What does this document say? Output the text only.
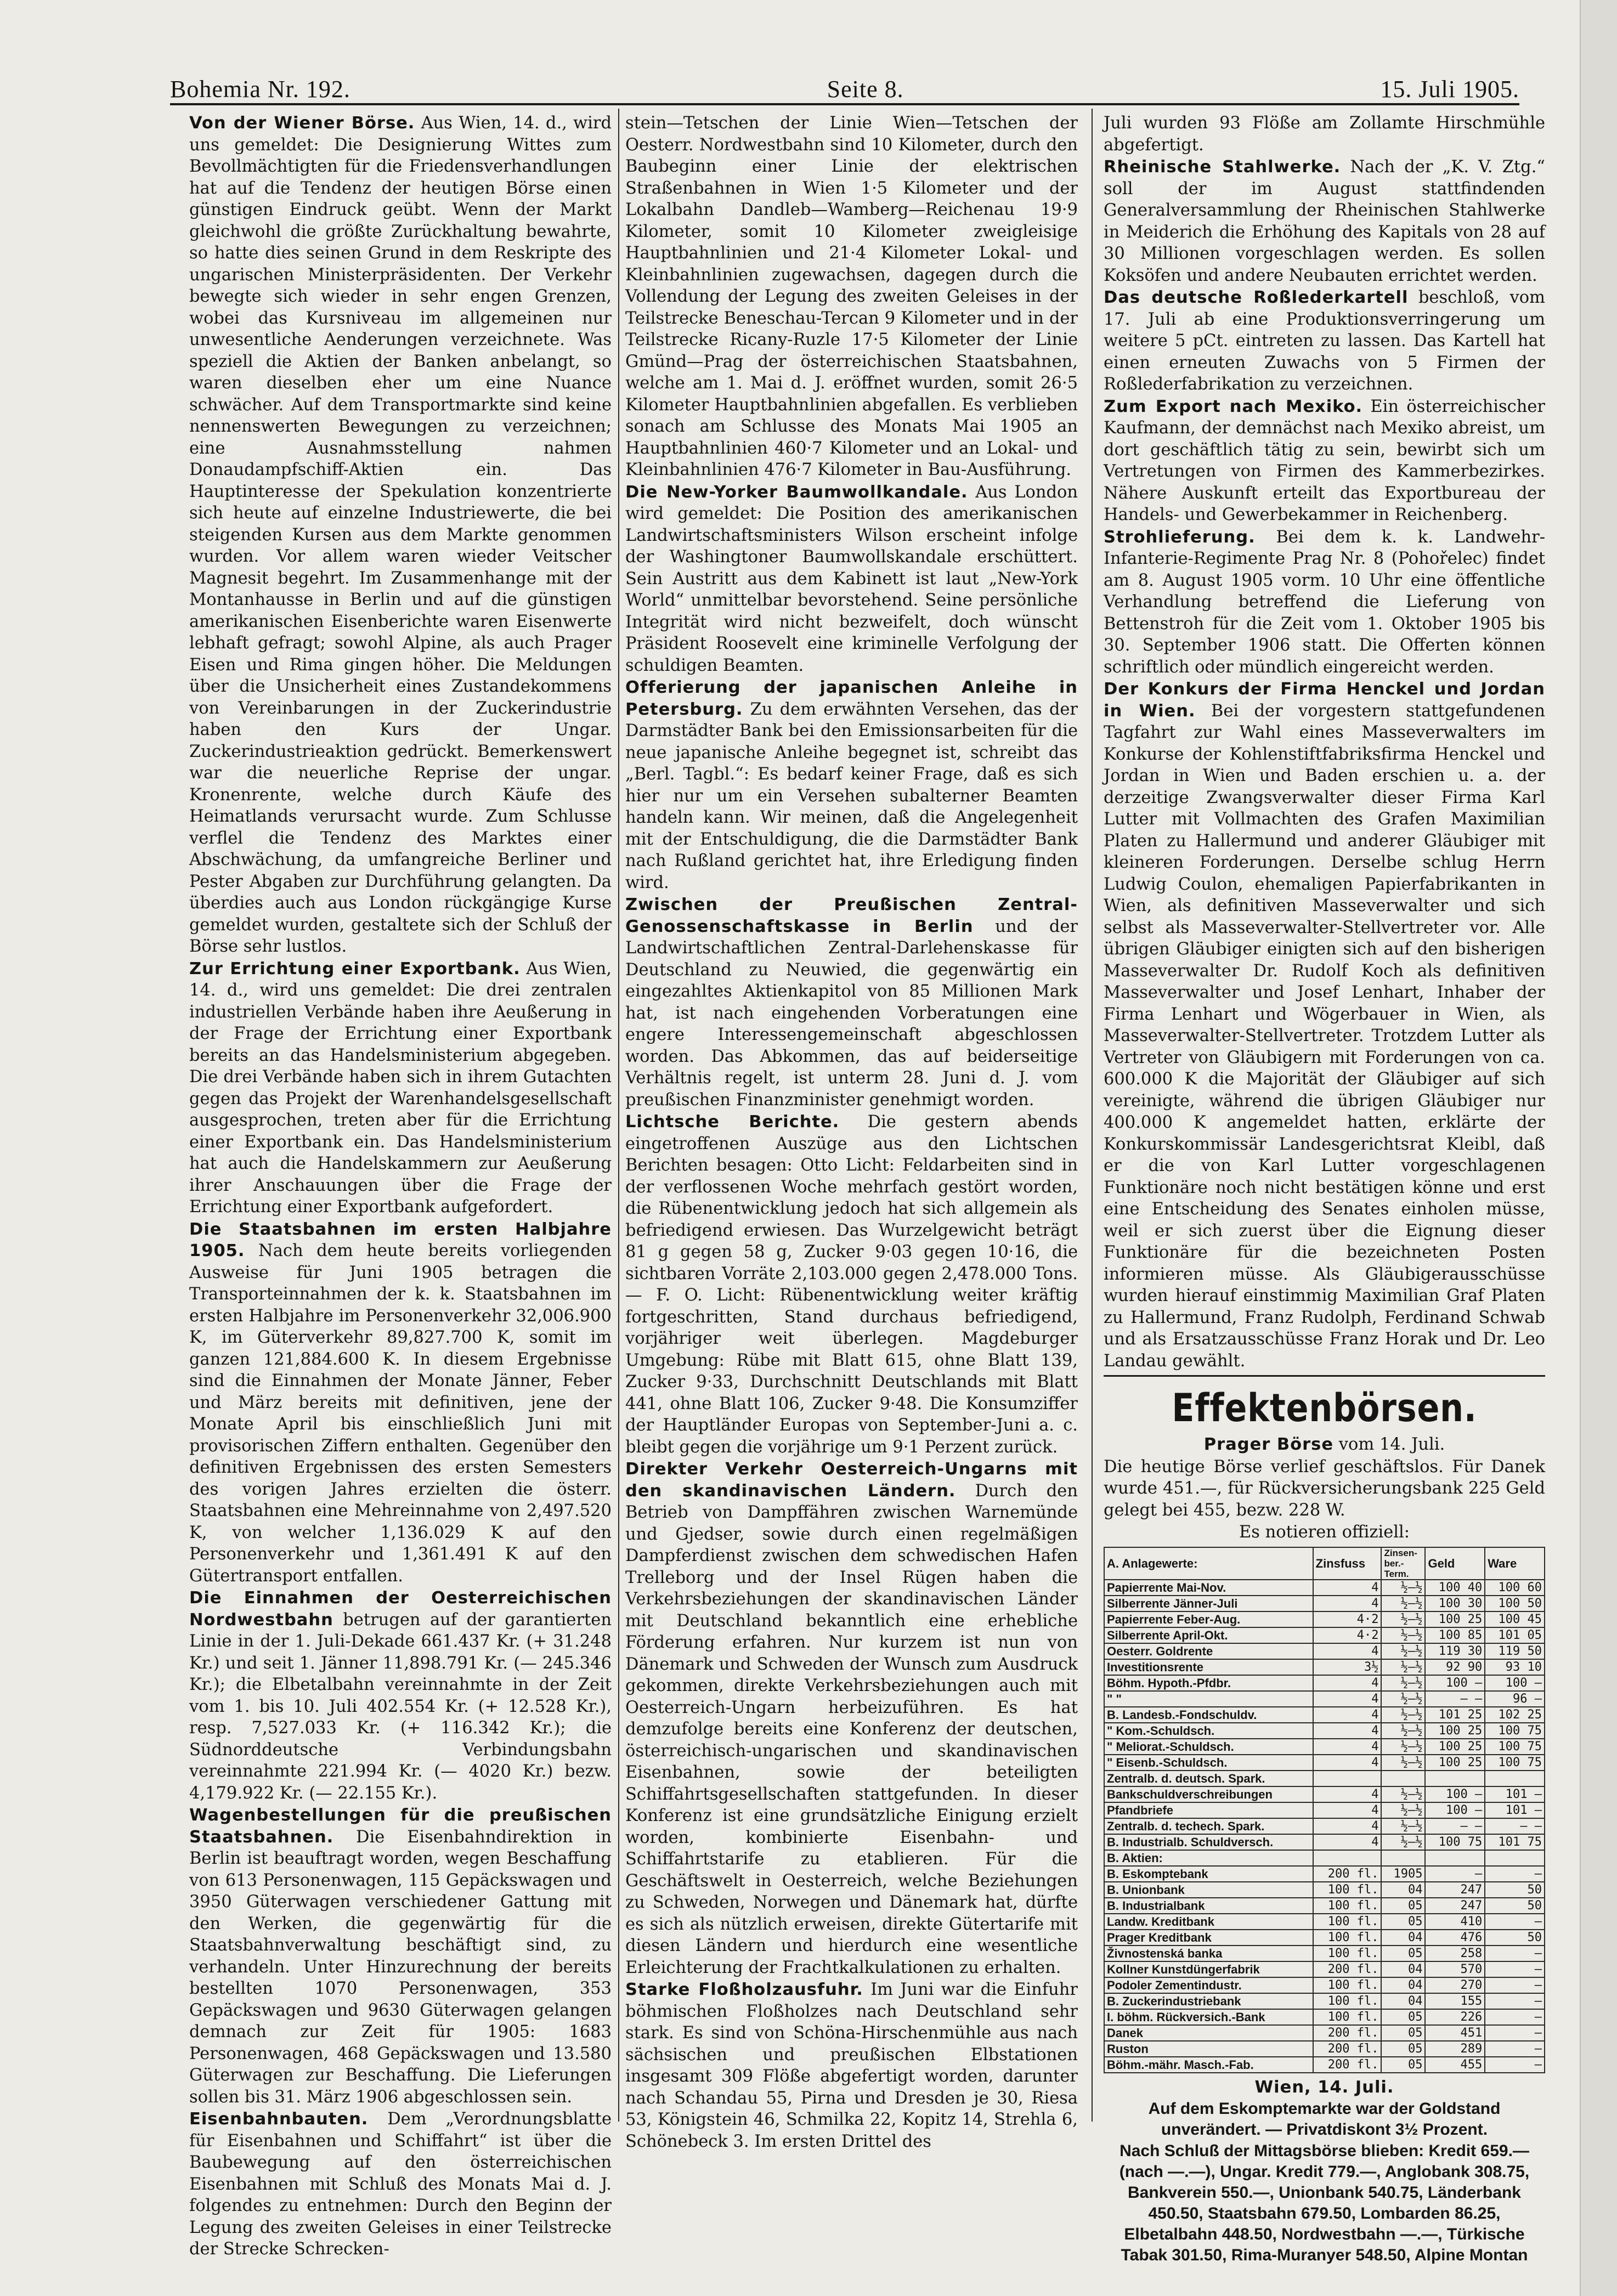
Bohemia Nr. 192.	Seite 8.	15. Juli 1905.

Von der Wiener Börse. Aus Wien, 14. d., wird uns gemeldet: Die Designierung Wittes zum Bevollmächtigten für die Friedensverhandlungen hat auf die Tendenz der heutigen Börse einen günstigen Eindruck geübt. Wenn der Markt gleichwohl die größte Zurückhaltung bewahrte, so hatte dies seinen Grund in dem Reskripte des ungarischen Ministerpräsidenten. Der Verkehr bewegte sich wieder in sehr engen Grenzen, wobei das Kursniveau im allgemeinen nur unwesentliche Aenderungen verzeichnete. Was speziell die Aktien der Banken anbelangt, so waren dieselben eher um eine Nuance schwächer. Auf dem Transportmarkte sind keine nennenswerten Bewegungen zu verzeichnen; eine Ausnahmsstellung nahmen Donaudampfschiff-Aktien ein. Das Hauptinteresse der Spekulation konzentrierte sich heute auf einzelne Industriewerte, die bei steigenden Kursen aus dem Markte genommen wurden. Vor allem waren wieder Veitscher Magnesit begehrt. Im Zusammenhange mit der Montanhausse in Berlin und auf die günstigen amerikanischen Eisenberichte waren Eisenwerte lebhaft gefragt; sowohl Alpine, als auch Prager Eisen und Rima gingen höher. Die Meldungen über die Unsicherheit eines Zustandekommens von Vereinbarungen in der Zuckerindustrie haben den Kurs der Ungar. Zuckerindustrieaktion gedrückt. Bemerkenswert war die neuerliche Reprise der ungar. Kronenrente, welche durch Käufe des Heimatlands verursacht wurde. Zum Schlusse verflel die Tendenz des Marktes einer Abschwächung, da umfangreiche Berliner und Pester Abgaben zur Durchführung gelangten. Da überdies auch aus London rückgängige Kurse gemeldet wurden, gestaltete sich der Schluß der Börse sehr lustlos.

Zur Errichtung einer Exportbank. Aus Wien, 14. d., wird uns gemeldet: Die drei zentralen industriellen Verbände haben ihre Aeußerung in der Frage der Errichtung einer Exportbank bereits an das Handelsministerium abgegeben. Die drei Verbände haben sich in ihrem Gutachten gegen das Projekt der Warenhandelsgesellschaft ausgesprochen, treten aber für die Errichtung einer Exportbank ein. Das Handelsministerium hat auch die Handelskammern zur Aeußerung ihrer Anschauungen über die Frage der Errichtung einer Exportbank aufgefordert.

Die Staatsbahnen im ersten Halbjahre 1905. Nach dem heute bereits vorliegenden Ausweise für Juni 1905 betragen die Transporteinnahmen der k. k. Staatsbahnen im ersten Halbjahre im Personenverkehr 32,006.900 K, im Güterverkehr 89,827.700 K, somit im ganzen 121,884.600 K. In diesem Ergebnisse sind die Einnahmen der Monate Jänner, Feber und März bereits mit definitiven, jene der Monate April bis einschließlich Juni mit provisorischen Ziffern enthalten. Gegenüber den definitiven Ergebnissen des ersten Semesters des vorigen Jahres erzielten die österr. Staatsbahnen eine Mehreinnahme von 2,497.520 K, von welcher 1,136.029 K auf den Personenverkehr und 1,361.491 K auf den Gütertransport entfallen.

Die Einnahmen der Oesterreichischen Nordwestbahn betrugen auf der garantierten Linie in der 1. Juli-Dekade 661.437 Kr. (+ 31.248 Kr.) und seit 1. Jänner 11,898.791 Kr. (— 245.346 Kr.); die Elbetalbahn vereinnahmte in der Zeit vom 1. bis 10. Juli 402.554 Kr. (+ 12.528 Kr.), resp. 7,527.033 Kr. (+ 116.342 Kr.); die Südnorddeutsche Verbindungsbahn vereinnahmte 221.994 Kr. (— 4020 Kr.) bezw. 4,179.922 Kr. (— 22.155 Kr.).

Wagenbestellungen für die preußischen Staatsbahnen. Die Eisenbahndirektion in Berlin ist beauftragt worden, wegen Beschaffung von 613 Personenwagen, 115 Gepäckswagen und 3950 Güterwagen verschiedener Gattung mit den Werken, die gegenwärtig für die Staatsbahnverwaltung beschäftigt sind, zu verhandeln. Unter Hinzurechnung der bereits bestellten 1070 Personenwagen, 353 Gepäckswagen und 9630 Güterwagen gelangen demnach zur Zeit für 1905: 1683 Personenwagen, 468 Gepäckswagen und 13.580 Güterwagen zur Beschaffung. Die Lieferungen sollen bis 31. März 1906 abgeschlossen sein.

Eisenbahnbauten. Dem „Verordnungsblatte für Eisenbahnen und Schiffahrt“ ist über die Baubewegung auf den österreichischen Eisenbahnen mit Schluß des Monats Mai d. J. folgendes zu entnehmen: Durch den Beginn der Legung des zweiten Geleises in einer Teilstrecke der Strecke Schrecken-

stein—Tetschen der Linie Wien—Tetschen der Oesterr. Nordwestbahn sind 10 Kilometer, durch den Baubeginn einer Linie der elektrischen Straßenbahnen in Wien 1·5 Kilometer und der Lokalbahn Dandleb—Wamberg—Reichenau 19·9 Kilometer, somit 10 Kilometer zweigleisige Hauptbahnlinien und 21·4 Kilometer Lokal- und Kleinbahnlinien zugewachsen, dagegen durch die Vollendung der Legung des zweiten Geleises in der Teilstrecke Beneschau-Tercan 9 Kilometer und in der Teilstrecke Ricany-Ruzle 17·5 Kilometer der Linie Gmünd—Prag der österreichischen Staatsbahnen, welche am 1. Mai d. J. eröffnet wurden, somit 26·5 Kilometer Hauptbahnlinien abgefallen. Es verblieben sonach am Schlusse des Monats Mai 1905 an Hauptbahnlinien 460·7 Kilometer und an Lokal- und Kleinbahnlinien 476·7 Kilometer in Bau-Ausführung.

Die New-Yorker Baumwollkandale. Aus London wird gemeldet: Die Position des amerikanischen Landwirtschaftsministers Wilson erscheint infolge der Washingtoner Baumwollskandale erschüttert. Sein Austritt aus dem Kabinett ist laut „New-York World“ unmittelbar bevorstehend. Seine persönliche Integrität wird nicht bezweifelt, doch wünscht Präsident Roosevelt eine kriminelle Verfolgung der schuldigen Beamten.

Offerierung der japanischen Anleihe in Petersburg. Zu dem erwähnten Versehen, das der Darmstädter Bank bei den Emissionsarbeiten für die neue japanische Anleihe begegnet ist, schreibt das „Berl. Tagbl.“: Es bedarf keiner Frage, daß es sich hier nur um ein Versehen subalterner Beamten handeln kann. Wir meinen, daß die Angelegenheit mit der Entschuldigung, die die Darmstädter Bank nach Rußland gerichtet hat, ihre Erledigung finden wird.

Zwischen der Preußischen Zentral-Genossenschaftskasse in Berlin und der Landwirtschaftlichen Zentral-Darlehenskasse für Deutschland zu Neuwied, die gegenwärtig ein eingezahltes Aktienkapitol von 85 Millionen Mark hat, ist nach eingehenden Vorberatungen eine engere Interessengemeinschaft abgeschlossen worden. Das Abkommen, das auf beiderseitige Verhältnis regelt, ist unterm 28. Juni d. J. vom preußischen Finanzminister genehmigt worden.

Lichtsche Berichte. Die gestern abends eingetroffenen Auszüge aus den Lichtschen Berichten besagen: Otto Licht: Feldarbeiten sind in der verflossenen Woche mehrfach gestört worden, die Rübenentwicklung jedoch hat sich allgemein als befriedigend erwiesen. Das Wurzelgewicht beträgt 81 g gegen 58 g, Zucker 9·03 gegen 10·16, die sichtbaren Vorräte 2,103.000 gegen 2,478.000 Tons. — F. O. Licht: Rübenentwicklung weiter kräftig fortgeschritten, Stand durchaus befriedigend, vorjähriger weit überlegen. Magdeburger Umgebung: Rübe mit Blatt 615, ohne Blatt 139, Zucker 9·33, Durchschnitt Deutschlands mit Blatt 441, ohne Blatt 106, Zucker 9·48. Die Konsumziffer der Hauptländer Europas von September-Juni a. c. bleibt gegen die vorjährige um 9·1 Perzent zurück.

Direkter Verkehr Oesterreich-Ungarns mit den skandinavischen Ländern. Durch den Betrieb von Dampffähren zwischen Warnemünde und Gjedser, sowie durch einen regelmäßigen Dampferdienst zwischen dem schwedischen Hafen Trelleborg und der Insel Rügen haben die Verkehrsbeziehungen der skandinavischen Länder mit Deutschland bekanntlich eine erhebliche Förderung erfahren. Nur kurzem ist nun von Dänemark und Schweden der Wunsch zum Ausdruck gekommen, direkte Verkehrsbeziehungen auch mit Oesterreich-Ungarn herbeizuführen. Es hat demzufolge bereits eine Konferenz der deutschen, österreichisch-ungarischen und skandinavischen Eisenbahnen, sowie der beteiligten Schiffahrtsgesellschaften stattgefunden. In dieser Konferenz ist eine grundsätzliche Einigung erzielt worden, kombinierte Eisenbahn- und Schiffahrtstarife zu etablieren. Für die Geschäftswelt in Oesterreich, welche Beziehungen zu Schweden, Norwegen und Dänemark hat, dürfte es sich als nützlich erweisen, direkte Gütertarife mit diesen Ländern und hierdurch eine wesentliche Erleichterung der Frachtkalkulationen zu erhalten.

Starke Floßholzausfuhr. Im Juni war die Einfuhr böhmischen Floßholzes nach Deutschland sehr stark. Es sind von Schöna-Hirschenmühle aus nach sächsischen und preußischen Elbstationen insgesamt 309 Flöße abgefertigt worden, darunter nach Schandau 55, Pirna und Dresden je 30, Riesa 53, Königstein 46, Schmilka 22, Kopitz 14, Strehla 6, Schönebeck 3. Im ersten Drittel des

Juli wurden 93 Flöße am Zollamte Hirschmühle abgefertigt.

Rheinische Stahlwerke. Nach der „K. V. Ztg.“ soll der im August stattfindenden Generalversammlung der Rheinischen Stahlwerke in Meiderich die Erhöhung des Kapitals von 28 auf 30 Millionen vorgeschlagen werden. Es sollen Koksöfen und andere Neubauten errichtet werden.

Das deutsche Roßlederkartell beschloß, vom 17. Juli ab eine Produktionsverringerung um weitere 5 pCt. eintreten zu lassen. Das Kartell hat einen erneuten Zuwachs von 5 Firmen der Roßlederfabrikation zu verzeichnen.

Zum Export nach Mexiko. Ein österreichischer Kaufmann, der demnächst nach Mexiko abreist, um dort geschäftlich tätig zu sein, bewirbt sich um Vertretungen von Firmen des Kammerbezirkes. Nähere Auskunft erteilt das Exportbureau der Handels- und Gewerbekammer in Reichenberg.

Strohlieferung. Bei dem k. k. Landwehr-Infanterie-Regimente Prag Nr. 8 (Pohořelec) findet am 8. August 1905 vorm. 10 Uhr eine öffentliche Verhandlung betreffend die Lieferung von Bettenstroh für die Zeit vom 1. Oktober 1905 bis 30. September 1906 statt. Die Offerten können schriftlich oder mündlich eingereicht werden.

Der Konkurs der Firma Henckel und Jordan in Wien. Bei der vorgestern stattgefundenen Tagfahrt zur Wahl eines Masseverwalters im Konkurse der Kohlenstiftfabriksfirma Henckel und Jordan in Wien und Baden erschien u. a. der derzeitige Zwangsverwalter dieser Firma Karl Lutter mit Vollmachten des Grafen Maximilian Platen zu Hallermund und anderer Gläubiger mit kleineren Forderungen. Derselbe schlug Herrn Ludwig Coulon, ehemaligen Papierfabrikanten in Wien, als definitiven Masseverwalter und sich selbst als Masseverwalter-Stellvertreter vor. Alle übrigen Gläubiger einigten sich auf den bisherigen Masseverwalter Dr. Rudolf Koch als definitiven Masseverwalter und Josef Lenhart, Inhaber der Firma Lenhart und Wögerbauer in Wien, als Masseverwalter-Stellvertreter. Trotzdem Lutter als Vertreter von Gläubigern mit Forderungen von ca. 600.000 K die Majorität der Gläubiger auf sich vereinigte, während die übrigen Gläubiger nur 400.000 K angemeldet hatten, erklärte der Konkurskommissär Landesgerichtsrat Kleibl, daß er die von Karl Lutter vorgeschlagenen Funktionäre noch nicht bestätigen könne und erst eine Entscheidung des Senates einholen müsse, weil er sich zuerst über die Eignung dieser Funktionäre für die bezeichneten Posten informieren müsse. Als Gläubigerausschüsse wurden hierauf einstimmig Maximilian Graf Platen zu Hallermund, Franz Rudolph, Ferdinand Schwab und als Ersatzausschüsse Franz Horak und Dr. Leo Landau gewählt.

Effektenbörsen.

Prager Börse vom 14. Juli.

Die heutige Börse verlief geschäftslos. Für Danek wurde 451.—, für Rückversicherungsbank 225 Geld gelegt bei 455, bezw. 228 W.

Es notieren offiziell:

A. Anlagewerte:	Zinsfuss	Zinsen-ber.-Term.	Geld	Ware
Papierrente Mai-Nov.	4	½–½	100 40	100 60
Silberrente Jänner-Juli	4	½–½	100 30	100 50
Papierrente Feber-Aug.	4·2	½–½	100 25	100 45
Silberrente April-Okt.	4·2	½–½	100 85	101 05
Oesterr. Goldrente	4	½–½	119 30	119 50
Investitionsrente	3½	½–½	92 90	93 10
Böhm. Hypoth.-Pfdbr.	4	½–½	100 —	100 —
" "	4	½–½	— —	96 —
B. Landesb.-Fondschuldv.	4	½–½	101 25	102 25
" Kom.-Schuldsch.	4	½–½	100 25	100 75
" Meliorat.-Schuldsch.	4	½–½	100 25	100 75
" Eisenb.-Schuldsch.	4	½–½	100 25	100 75
Zentralb. d. deutsch. Spark.				
Bankschuldverschreibungen	4	½–½	100 —	101 —
Pfandbriefe	4	½–½	100 —	101 —
Zentralb. d. techech. Spark.	4	½–½	— —	— —
B. Industrialb. Schuldversch.	4	½–½	100 75	101 75
B. Aktien:				
B. Eskomptebank	200 fl.	1905	—	—
B. Unionbank	100 fl.	04	247	50
B. Industrialbank	100 fl.	05	247	50
Landw. Kreditbank	100 fl.	05	410	—
Prager Kreditbank	100 fl.	04	476	50
Živnostenská banka	100 fl.	05	258	—
Kollner Kunstdüngerfabrik	200 fl.	04	570	—
Podoler Zementindustr.	100 fl.	04	270	—
B. Zuckerindustriebank	100 fl.	04	155	—
I. böhm. Rückversich.-Bank	100 fl.	05	226	—
Danek	200 fl.	05	451	—
Ruston	200 fl.	05	289	—
Böhm.-mähr. Masch.-Fab.	200 fl.	05	455	—

Wien, 14. Juli.

Auf dem Eskomptemarkte war der Goldstand unverändert. — Privatdiskont 3½ Prozent.

Nach Schluß der Mittagsbörse blieben: Kredit 659.— (nach —.—), Ungar. Kredit 779.—, Anglobank 308.75, Bankverein 550.—, Unionbank 540.75, Länderbank 450.50, Staatsbahn 679.50, Lombarden 86.25, Elbetalbahn 448.50, Nordwestbahn —.—, Türkische Tabak 301.50, Rima-Muranyer 548.50, Alpine Montan
